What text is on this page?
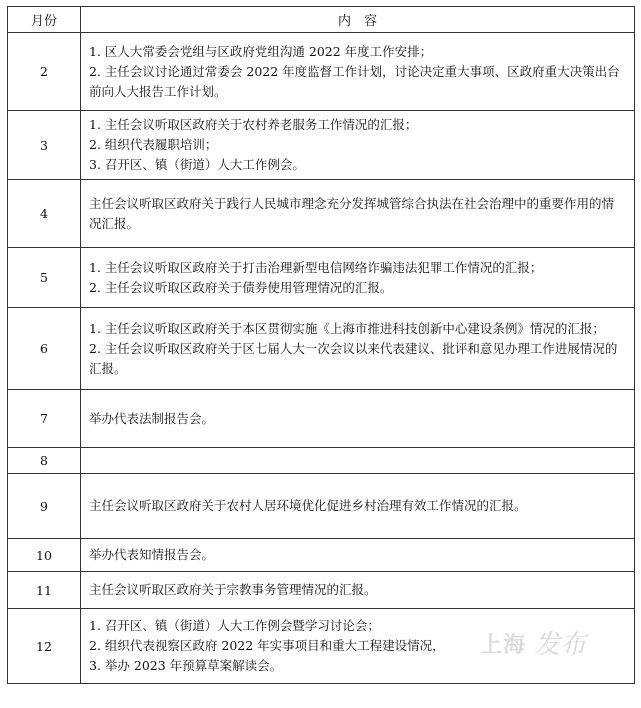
月份	内　容
2	1. 区人大常委会党组与区政府党组沟通 2022 年度工作安排；
2. 主任会议讨论通过常委会 2022 年度监督工作计划，讨论决定重大事项、区政府重大决策出台前向人大报告工作计划。

3	1. 主任会议听取区政府关于农村养老服务工作情况的汇报；
2. 组织代表履职培训；
3. 召开区、镇（街道）人大工作例会。

4	主任会议听取区政府关于践行人民城市理念充分发挥城管综合执法在社会治理中的重要作用的情况汇报。

5	1. 主任会议听取区政府关于打击治理新型电信网络诈骗违法犯罪工作情况的汇报；
2. 主任会议听取区政府关于债券使用管理情况的汇报。

6	1. 主任会议听取区政府关于本区贯彻实施《上海市推进科技创新中心建设条例》情况的汇报；
2. 主任会议听取区政府关于区七届人大一次会议以来代表建议、批评和意见办理工作进展情况的汇报。

7	举办代表法制报告会。

8	

9	主任会议听取区政府关于农村人居环境优化促进乡村治理有效工作情况的汇报。

10	举办代表知情报告会。

11	主任会议听取区政府关于宗教事务管理情况的汇报。

12	1. 召开区、镇（街道）人大工作例会暨学习讨论会；
2. 组织代表视察区政府 2022 年实事项目和重大工程建设情况，
3. 举办 2023 年预算草案解读会。
上海 发布
